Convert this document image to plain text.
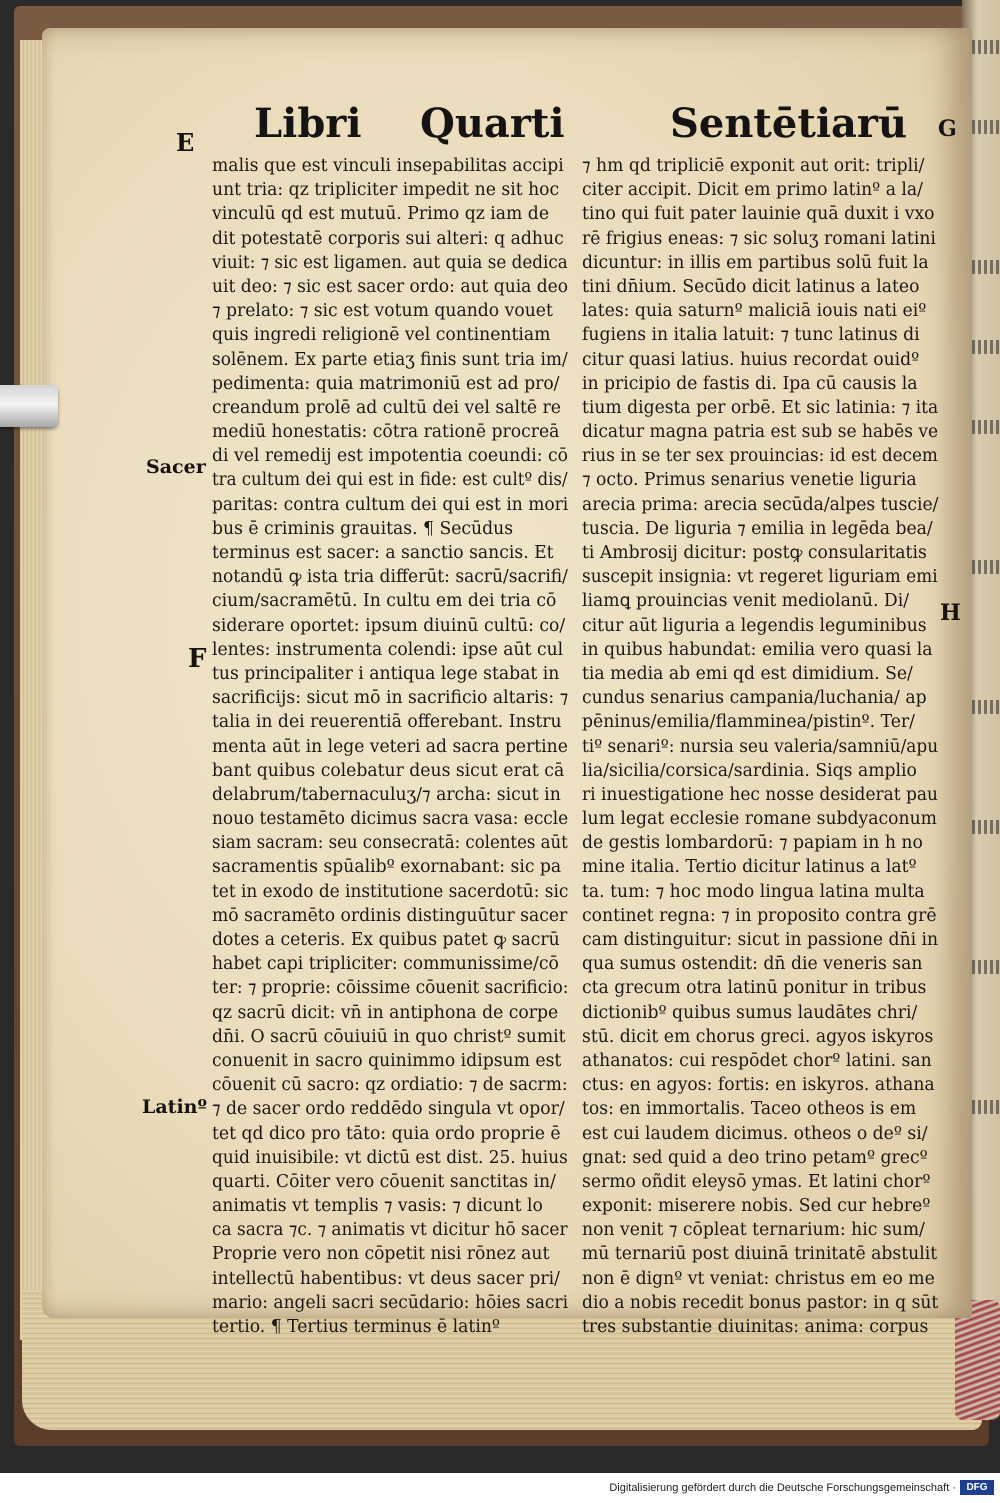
Libri Quarti	Sentētiarū
E
F
Sacer
Latinº
G
H
malis que est vinculi insepabilitas accipi
unt tria: qz tripliciter impedit ne sit hoc
vinculū qd est mutuū. Primo qz iam de
dit potestatē corporis sui alteri: q adhuc
viuit: ⁊ sic est ligamen. aut quia se dedica
uit deo: ⁊ sic est sacer ordo: aut quia deo
⁊ prelato: ⁊ sic est votum quando vouet
quis ingredi religionē vel continentiam
solēnem. Ex parte etiaʒ finis sunt tria im/
pedimenta: quia matrimoniū est ad pro/
creandum prolē ad cultū dei vel saltē re
mediū honestatis: cōtra rationē procreā
di vel remedij est impotentia coeundi: cō
tra cultum dei qui est in fide: est cultº dis/
paritas: contra cultum dei qui est in mori
bus ē criminis grauitas. ¶ Secūdus
terminus est sacer: a sanctio sancis. Et
notandū ꝙ ista tria differūt: sacrū/sacrifi/
cium/sacramētū. In cultu em dei tria cō
siderare oportet: ipsum diuinū cultū: co/
lentes: instrumenta colendi: ipse aūt cul
tus principaliter i antiqua lege stabat in
sacrificijs: sicut mō in sacrificio altaris: ⁊
talia in dei reuerentiā offerebant. Instru
menta aūt in lege veteri ad sacra pertine
bant quibus colebatur deus sicut erat cā
delabrum/tabernaculuʒ/⁊ archa: sicut in
nouo testamēto dicimus sacra vasa: eccle
siam sacram: seu consecratā: colentes aūt
sacramentis spūalibº exornabant: sic pa
tet in exodo de institutione sacerdotū: sic
mō sacramēto ordinis distinguūtur sacer
dotes a ceteris. Ex quibus patet ꝙ sacrū
habet capi tripliciter: communissime/cō
ter: ⁊ proprie: cōissime cōuenit sacrificio:
qz sacrū dicit: vn̄ in antiphona de corpe
dn̄i. O sacrū cōuiuiū in quo christº sumit
conuenit in sacro quinimmo idipsum est
cōuenit cū sacro: qz ordiatio: ⁊ de sacrm:
⁊ de sacer ordo reddēdo singula vt opor/
tet qd dico pro tāto: quia ordo proprie ē
quid inuisibile: vt dictū est dist. 25. huius
quarti. Cōiter vero cōuenit sanctitas in/
animatis vt templis ⁊ vasis: ⁊ dicunt lo
ca sacra ⁊c. ⁊ animatis vt dicitur hō sacer
Proprie vero non cōpetit nisi rōnez aut
intellectū habentibus: vt deus sacer pri/
mario: angeli sacri secūdario: hōies sacri
tertio. ¶ Tertius terminus ē latinº
⁊ hm qd tripliciē exponit aut orit: tripli/
citer accipit. Dicit em primo latinº a la/
tino qui fuit pater lauinie quā duxit i vxo
rē frigius eneas: ⁊ sic soluʒ romani latini
dicuntur: in illis em partibus solū fuit la
tini dn̄ium. Secūdo dicit latinus a lateo
lates: quia saturnº maliciā iouis nati eiº
fugiens in italia latuit: ⁊ tunc latinus di
citur quasi latius. huius recordat ouidº
in pricipio de fastis di. Ipa cū causis la
tium digesta per orbē. Et sic latinia: ⁊ ita
dicatur magna patria est sub se habēs ve
rius in se ter sex prouincias: id est decem
⁊ octo. Primus senarius venetie liguria
arecia prima: arecia secūda/alpes tuscie/
tuscia. De liguria ⁊ emilia in legēda bea/
ti Ambrosij dicitur: postꝙ consularitatis
suscepit insignia: vt regeret liguriam emi
liamꝗ prouincias venit mediolanū. Di/
citur aūt liguria a legendis leguminibus
in quibus habundat: emilia vero quasi la
tia media ab emi qd est dimidium. Se/
cundus senarius campania/luchania/ ap
pēninus/emilia/flamminea/pistinº. Ter/
tiº senariº: nursia seu valeria/samniū/apu
lia/sicilia/corsica/sardinia. Siqs amplio
ri inuestigatione hec nosse desiderat pau
lum legat ecclesie romane subdyaconum
de gestis lombardorū: ⁊ papiam in h no
mine italia. Tertio dicitur latinus a latº
ta. tum: ⁊ hoc modo lingua latina multa
continet regna: ⁊ in proposito contra grē
cam distinguitur: sicut in passione dn̄i in
qua sumus ostendit: dn̄ die veneris san
cta grecum otra latinū ponitur in tribus
dictionibº quibus sumus laudātes chri/
stū. dicit em chorus greci. agyos iskyros
athanatos: cui respōdet chorº latini. san
ctus: en agyos: fortis: en iskyros. athana
tos: en immortalis. Taceo otheos is em
est cui laudem dicimus. otheos o deº si/
gnat: sed quid a deo trino petamº grecº
sermo oñdit eleysō ymas. Et latini chorº
exponit: miserere nobis. Sed cur hebreº
non venit ⁊ cōpleat ternarium: hic sum/
mū ternariū post diuinā trinitatē abstulit
non ē dignº vt veniat: christus em eo me
dio a nobis recedit bonus pastor: in q sūt
tres substantie diuinitas: anima: corpus
Digitalisierung gefördert durch die Deutsche Forschungsgemeinschaft ·	DFG
